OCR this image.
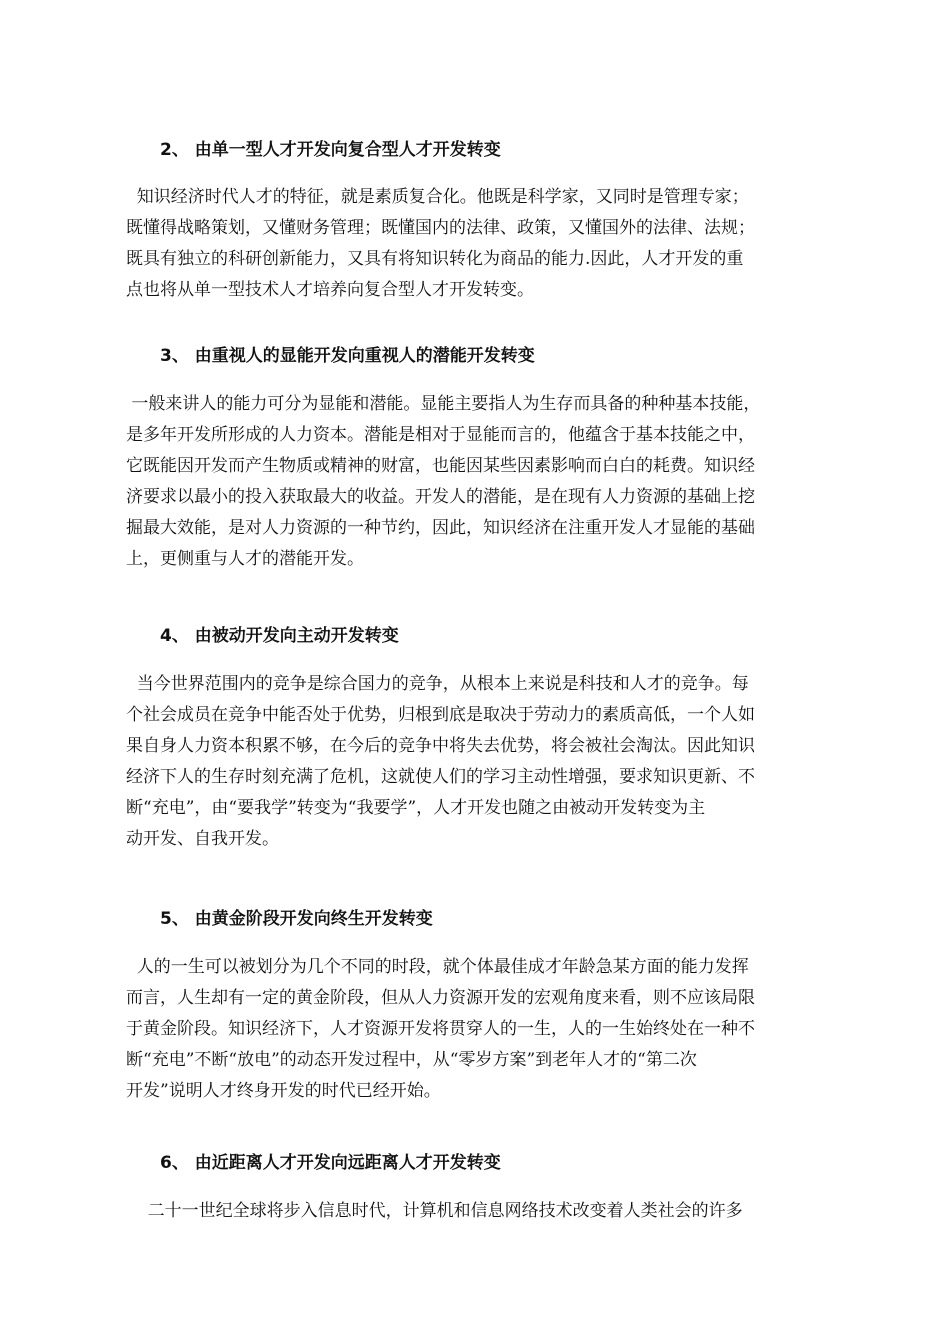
2、 由单一型人才开发向复合型人才开发转变
知识经济时代人才的特征，就是素质复合化。他既是科学家，又同时是管理专家；
既懂得战略策划，又懂财务管理；既懂国内的法律、政策，又懂国外的法律、法规；
既具有独立的科研创新能力，又具有将知识转化为商品的能力.因此，人才开发的重
点也将从单一型技术人才培养向复合型人才开发转变。
3、 由重视人的显能开发向重视人的潜能开发转变
一般来讲人的能力可分为显能和潜能。显能主要指人为生存而具备的种种基本技能，
是多年开发所形成的人力资本。潜能是相对于显能而言的，他蕴含于基本技能之中，
它既能因开发而产生物质或精神的财富，也能因某些因素影响而白白的耗费。知识经
济要求以最小的投入获取最大的收益。开发人的潜能，是在现有人力资源的基础上挖
掘最大效能，是对人力资源的一种节约，因此，知识经济在注重开发人才显能的基础
上，更侧重与人才的潜能开发。
4、 由被动开发向主动开发转变
当今世界范围内的竞争是综合国力的竞争，从根本上来说是科技和人才的竞争。每
个社会成员在竞争中能否处于优势，归根到底是取决于劳动力的素质高低，一个人如
果自身人力资本积累不够，在今后的竞争中将失去优势，将会被社会淘汰。因此知识
经济下人的生存时刻充满了危机，这就使人们的学习主动性增强，要求知识更新、不
断“充电”，由“要我学”转变为“我要学”，人才开发也随之由被动开发转变为主
动开发、自我开发。
5、 由黄金阶段开发向终生开发转变
人的一生可以被划分为几个不同的时段，就个体最佳成才年龄急某方面的能力发挥
而言，人生却有一定的黄金阶段，但从人力资源开发的宏观角度来看，则不应该局限
于黄金阶段。知识经济下，人才资源开发将贯穿人的一生，人的一生始终处在一种不
断“充电”不断“放电”的动态开发过程中，从“零岁方案”到老年人才的“第二次
开发”说明人才终身开发的时代已经开始。
6、 由近距离人才开发向远距离人才开发转变
二十一世纪全球将步入信息时代，计算机和信息网络技术改变着人类社会的许多
